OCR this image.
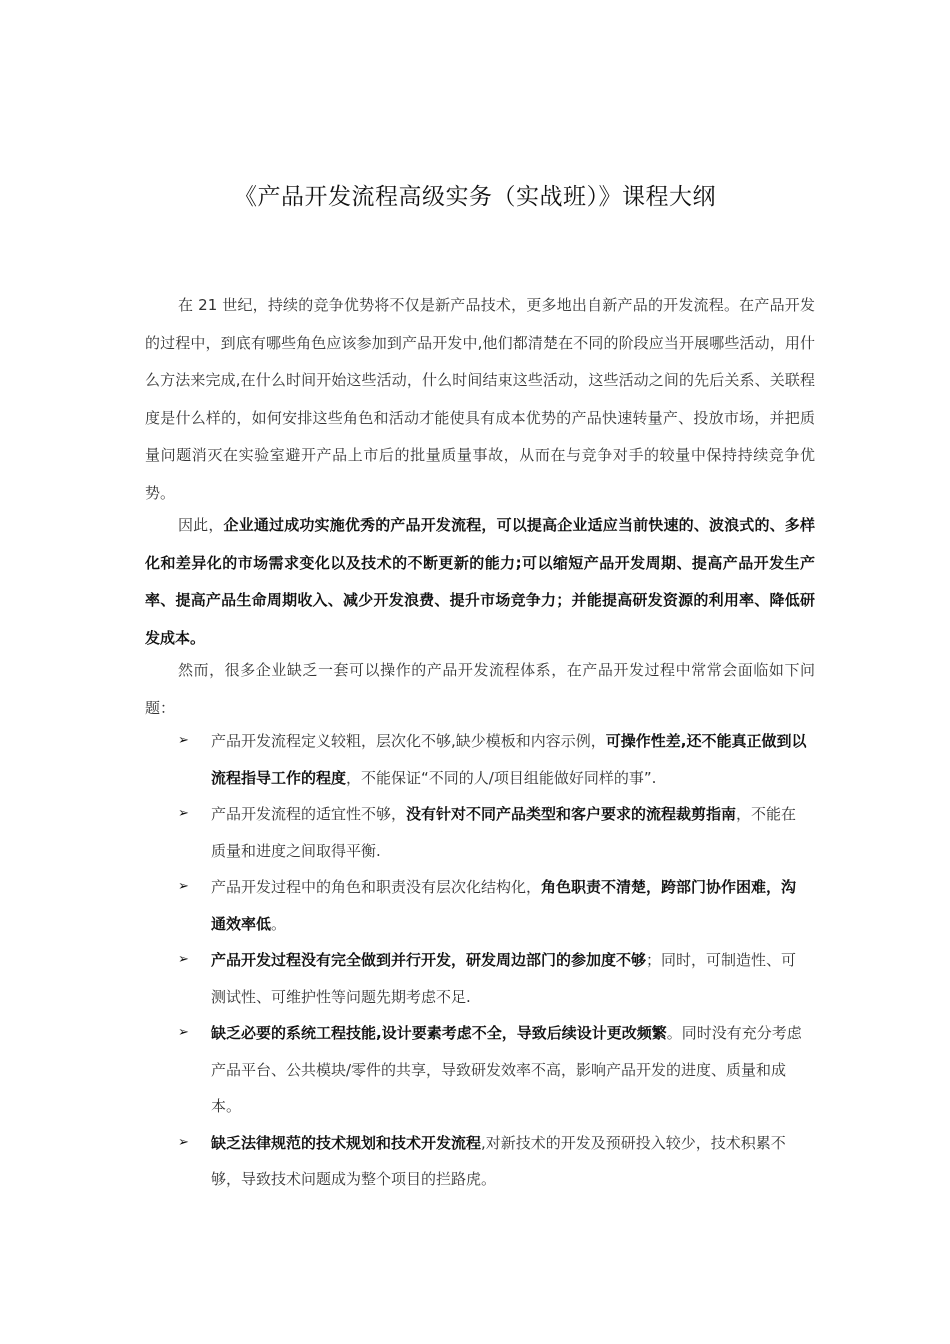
《产品开发流程高级实务（实战班）》课程大纲

在 21 世纪，持续的竞争优势将不仅是新产品技术，更多地出自新产品的开发流程。在产品开发的过程中，到底有哪些角色应该参加到产品开发中,他们都清楚在不同的阶段应当开展哪些活动，用什么方法来完成,在什么时间开始这些活动，什么时间结束这些活动，这些活动之间的先后关系、关联程度是什么样的，如何安排这些角色和活动才能使具有成本优势的产品快速转量产、投放市场，并把质量问题消灭在实验室避开产品上市后的批量质量事故，从而在与竞争对手的较量中保持持续竞争优势。

因此，企业通过成功实施优秀的产品开发流程，可以提高企业适应当前快速的、波浪式的、多样化和差异化的市场需求变化以及技术的不断更新的能力;可以缩短产品开发周期、提高产品开发生产率、提高产品生命周期收入、减少开发浪费、提升市场竞争力；并能提高研发资源的利用率、降低研发成本。

然而，很多企业缺乏一套可以操作的产品开发流程体系，在产品开发过程中常常会面临如下问题：

➢ 产品开发流程定义较粗，层次化不够,缺少模板和内容示例，可操作性差,还不能真正做到以流程指导工作的程度，不能保证“不同的人/项目组能做好同样的事”.
➢ 产品开发流程的适宜性不够，没有针对不同产品类型和客户要求的流程裁剪指南，不能在质量和进度之间取得平衡.
➢ 产品开发过程中的角色和职责没有层次化结构化，角色职责不清楚，跨部门协作困难，沟通效率低。
➢ 产品开发过程没有完全做到并行开发，研发周边部门的参加度不够；同时，可制造性、可测试性、可维护性等问题先期考虑不足.
➢ 缺乏必要的系统工程技能,设计要素考虑不全，导致后续设计更改频繁。同时没有充分考虑产品平台、公共模块/零件的共享，导致研发效率不高，影响产品开发的进度、质量和成本。
➢ 缺乏法律规范的技术规划和技术开发流程,对新技术的开发及预研投入较少，技术积累不够，导致技术问题成为整个项目的拦路虎。
